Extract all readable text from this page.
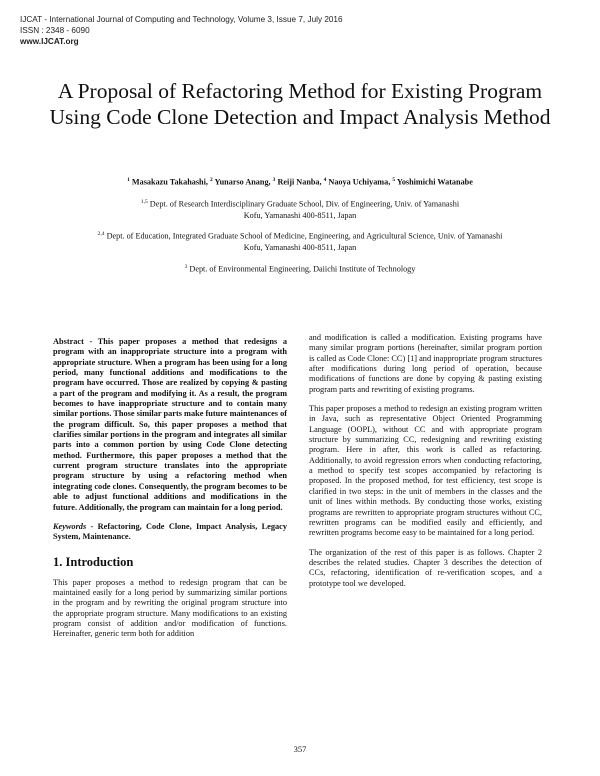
IJCAT - International Journal of Computing and Technology, Volume 3, Issue 7, July 2016
ISSN : 2348 - 6090
www.IJCAT.org
A Proposal of Refactoring Method for Existing Program Using Code Clone Detection and Impact Analysis Method
$^1$ Masakazu Takahashi, $^2$ Yunarso Anang, $^3$ Reiji Nanba, $^4$ Naoya Uchiyama, $^5$ Yoshimichi Watanabe
$^{1,5}$ Dept. of Research Interdisciplinary Graduate School, Div. of Engineering, Univ. of Yamanashi
Kofu, Yamanashi 400-8511, Japan
$^{2,4}$ Dept. of Education, Integrated Graduate School of Medicine, Engineering, and Agricultural Science, Univ. of Yamanashi
Kofu, Yamanashi 400-8511, Japan
$^3$ Dept. of Environmental Engineering, Daiichi Institute of Technology

Abstract - This paper proposes a method that redesigns a program with an inappropriate structure into a program with appropriate structure. When a program has been using for a long period, many functional additions and modifications to the program have occurred. Those are realized by copying & pasting a part of the program and modifying it. As a result, the program becomes to have inappropriate structure and to contain many similar portions. Those similar parts make future maintenances of the program difficult. So, this paper proposes a method that clarifies similar portions in the program and integrates all similar parts into a common portion by using Code Clone detecting method. Furthermore, this paper proposes a method that the current program structure translates into the appropriate program structure by using a refactoring method when integrating code clones. Consequently, the program becomes to be able to adjust functional additions and modifications in the future. Additionally, the program can maintain for a long period.

Keywords - Refactoring, Code Clone, Impact Analysis, Legacy System, Maintenance.

1. Introduction

This paper proposes a method to redesign program that can be maintained easily for a long period by summarizing similar portions in the program and by rewriting the original program structure into the appropriate program structure. Many modifications to an existing program consist of addition and/or modification of functions. Hereinafter, generic term both for addition

and modification is called a modification. Existing programs have many similar program portions (hereinafter, similar program portion is called as Code Clone: CC) [1] and inappropriate program structures after modifications during long period of operation, because modifications of functions are done by copying & pasting existing program parts and rewriting of existing programs.

This paper proposes a method to redesign an existing program written in Java, such as representative Object Oriented Programming Language (OOPL), without CC and with appropriate program structure by summarizing CC, redesigning and rewriting existing program. Here in after, this work is called as refactoring. Additionally, to avoid regression errors when conducting refactoring, a method to specify test scopes accompanied by refactoring is proposed. In the proposed method, for test efficiency, test scope is clarified in two steps: in the unit of members in the classes and the unit of lines within methods. By conducting those works, existing programs are rewritten to appropriate program structures without CC, rewritten programs can be modified easily and efficiently, and rewritten programs become easy to be maintained for a long period.

The organization of the rest of this paper is as follows. Chapter 2 describes the related studies. Chapter 3 describes the detection of CCs, refactoring, identification of re-verification scopes, and a prototype tool we developed.

357
